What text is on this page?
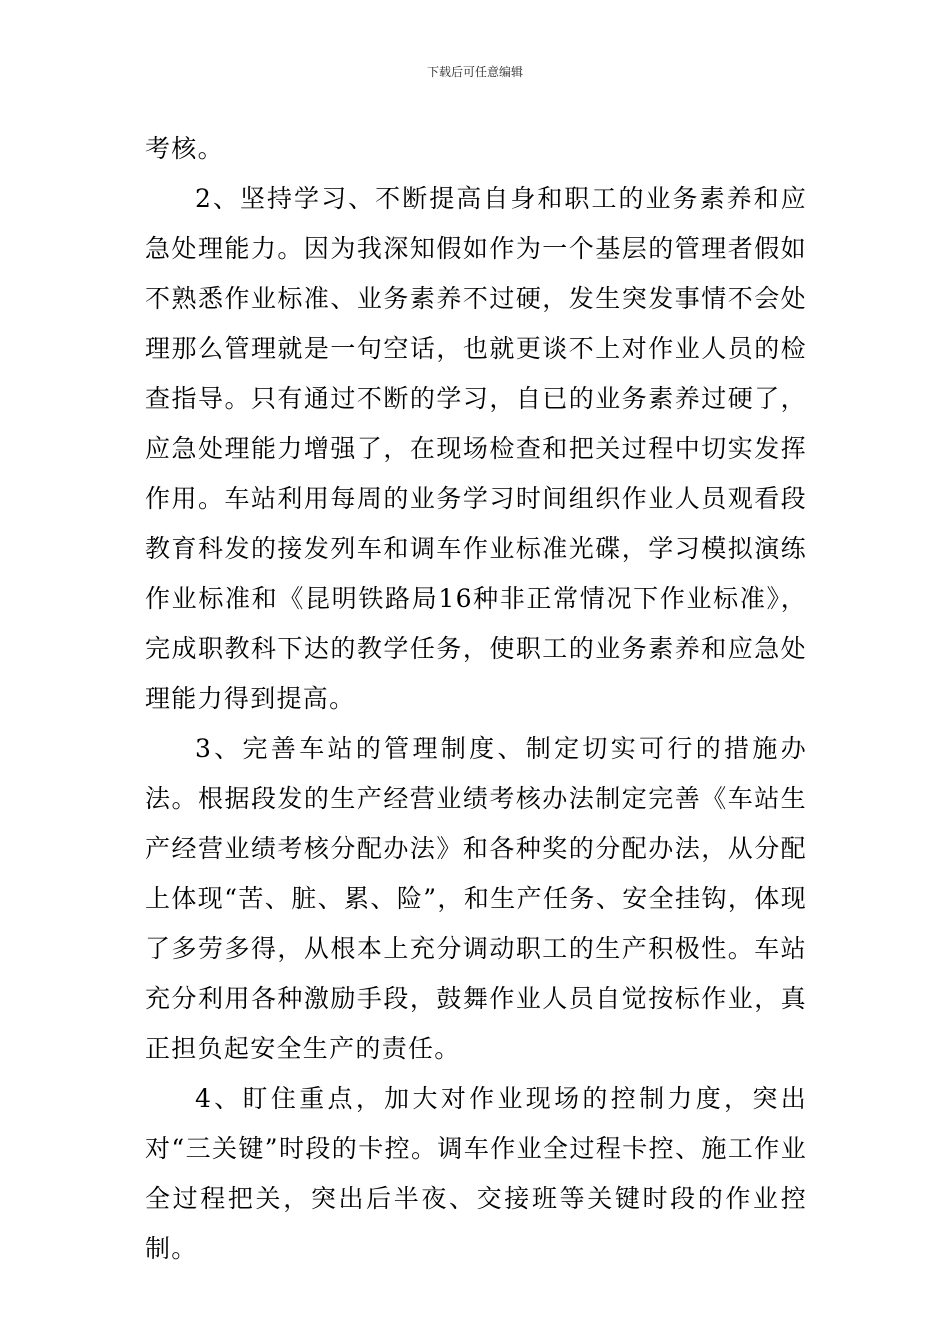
下载后可任意编辑

考核。

2、坚持学习、不断提高自身和职工的业务素养和应急处理能力。因为我深知假如作为一个基层的管理者假如不熟悉作业标准、业务素养不过硬，发生突发事情不会处理那么管理就是一句空话，也就更谈不上对作业人员的检查指导。只有通过不断的学习，自已的业务素养过硬了，应急处理能力增强了，在现场检查和把关过程中切实发挥作用。车站利用每周的业务学习时间组织作业人员观看段教育科发的接发列车和调车作业标准光碟，学习模拟演练作业标准和《昆明铁路局16种非正常情况下作业标准》，完成职教科下达的教学任务，使职工的业务素养和应急处理能力得到提高。

3、完善车站的管理制度、制定切实可行的措施办法。根据段发的生产经营业绩考核办法制定完善《车站生产经营业绩考核分配办法》和各种奖的分配办法，从分配上体现“苦、脏、累、险”，和生产任务、安全挂钩，体现了多劳多得，从根本上充分调动职工的生产积极性。车站充分利用各种激励手段，鼓舞作业人员自觉按标作业，真正担负起安全生产的责任。

4、盯住重点，加大对作业现场的控制力度，突出对“三关键”时段的卡控。调车作业全过程卡控、施工作业全过程把关，突出后半夜、交接班等关键时段的作业控制。
